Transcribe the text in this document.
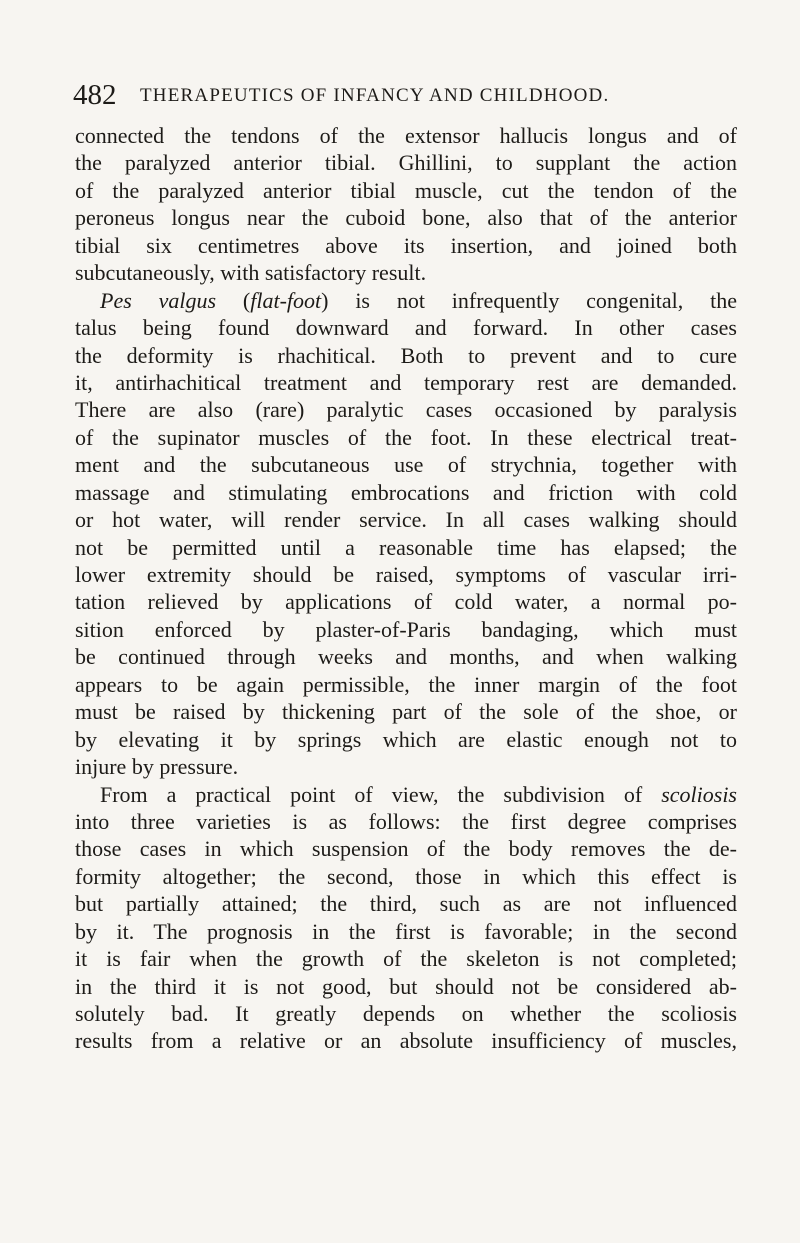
482 THERAPEUTICS OF INFANCY AND CHILDHOOD.
connected the tendons of the extensor hallucis longus and of
the paralyzed anterior tibial. Ghillini, to supplant the action
of the paralyzed anterior tibial muscle, cut the tendon of the
peroneus longus near the cuboid bone, also that of the anterior
tibial six centimetres above its insertion, and joined both
subcutaneously, with satisfactory result.
Pes valgus (flat-foot) is not infrequently congenital, the
talus being found downward and forward. In other cases
the deformity is rhachitical. Both to prevent and to cure
it, antirhachitical treatment and temporary rest are demanded.
There are also (rare) paralytic cases occasioned by paralysis
of the supinator muscles of the foot. In these electrical treat-
ment and the subcutaneous use of strychnia, together with
massage and stimulating embrocations and friction with cold
or hot water, will render service. In all cases walking should
not be permitted until a reasonable time has elapsed; the
lower extremity should be raised, symptoms of vascular irri-
tation relieved by applications of cold water, a normal po-
sition enforced by plaster-of-Paris bandaging, which must
be continued through weeks and months, and when walking
appears to be again permissible, the inner margin of the foot
must be raised by thickening part of the sole of the shoe, or
by elevating it by springs which are elastic enough not to
injure by pressure.
From a practical point of view, the subdivision of scoliosis
into three varieties is as follows: the first degree comprises
those cases in which suspension of the body removes the de-
formity altogether; the second, those in which this effect is
but partially attained; the third, such as are not influenced
by it. The prognosis in the first is favorable; in the second
it is fair when the growth of the skeleton is not completed;
in the third it is not good, but should not be considered ab-
solutely bad. It greatly depends on whether the scoliosis
results from a relative or an absolute insufficiency of muscles,
